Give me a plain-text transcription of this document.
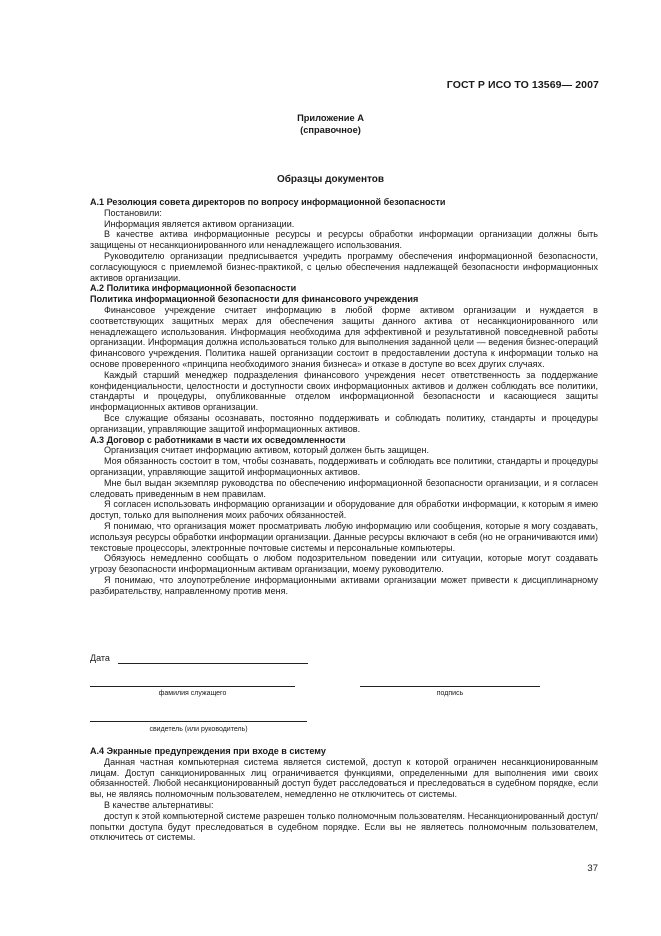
ГОСТ Р ИСО ТО 13569— 2007
Приложение А
(справочное)
Образцы документов

А.1 Резолюция совета директоров по вопросу информационной безопасности

Постановили:

Информация является активом организации.

В качестве актива информационные ресурсы и ресурсы обработки информации организации должны быть защищены от несанкционированного или ненадлежащего использования.

Руководителю организации предписывается учредить программу обеспечения информационной безопасности, согласующуюся с приемлемой бизнес-практикой, с целью обеспечения надлежащей безопасности информационных активов организации.

А.2 Политика информационной безопасности

Политика информационной безопасности для финансового учреждения

Финансовое учреждение считает информацию в любой форме активом организации и нуждается в соответствующих защитных мерах для обеспечения защиты данного актива от несанкционированного или ненадлежащего использования. Информация необходима для эффективной и результативной повседневной работы организации. Информация должна использоваться только для выполнения заданной цели — ведения бизнес-операций финансового учреждения. Политика нашей организации состоит в предоставлении доступа к информации только на основе проверенного «принципа необходимого знания бизнеса» и отказе в доступе во всех других случаях.

Каждый старший менеджер подразделения финансового учреждения несет ответственность за поддержание конфиденциальности, целостности и доступности своих информационных активов и должен соблюдать все политики, стандарты и процедуры, опубликованные отделом информационной безопасности и касающиеся защиты информационных активов организации.

Все служащие обязаны осознавать, постоянно поддерживать и соблюдать политику, стандарты и процедуры организации, управляющие защитой информационных активов.

А.3 Договор с работниками в части их осведомленности

Организация считает информацию активом, который должен быть защищен.

Моя обязанность состоит в том, чтобы сознавать, поддерживать и соблюдать все политики, стандарты и процедуры организации, управляющие защитой информационных активов.

Мне был выдан экземпляр руководства по обеспечению информационной безопасности организации, и я согласен следовать приведенным в нем правилам.

Я согласен использовать информацию организации и оборудование для обработки информации, к которым я имею доступ, только для выполнения моих рабочих обязанностей.

Я понимаю, что организация может просматривать любую информацию или сообщения, которые я могу создавать, используя ресурсы обработки информации организации. Данные ресурсы включают в себя (но не ограничиваются ими) текстовые процессоры, электронные почтовые системы и персональные компьютеры.

Обязуюсь немедленно сообщать о любом подозрительном поведении или ситуации, которые могут создавать угрозу безопасности информационным активам организации, моему руководителю.

Я понимаю, что злоупотребление информационными активами организации может привести к дисциплинарному разбирательству, направленному против меня.

Дата
фамилия служащего	подпись
свидетель (или руководитель)

А.4 Экранные предупреждения при входе в систему

Данная частная компьютерная система является системой, доступ к которой ограничен несанкционированным лицам. Доступ санкционированных лиц ограничивается функциями, определенными для выполнения ими своих обязанностей. Любой несанкционированный доступ будет расследоваться и преследоваться в судебном порядке, если вы, не являясь полномочным пользователем, немедленно не отключитесь от системы.

В качестве альтернативы:

доступ к этой компьютерной системе разрешен только полномочным пользователям. Несанкционированный доступ/попытки доступа будут преследоваться в судебном порядке. Если вы не являетесь полномочным пользователем, отключитесь от системы.

37
